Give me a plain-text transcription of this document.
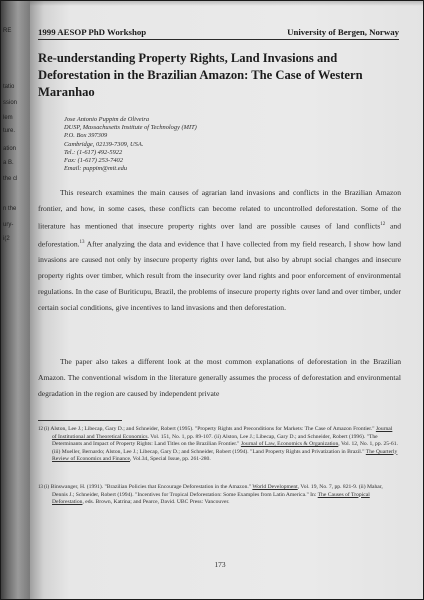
RE
tatio
ssion
lem
ture.
ation
a B.
the cl
n the
ury-
i(2
1999 AESOP PhD Workshop	University of Bergen, Norway
Re-understanding Property Rights, Land Invasions and Deforestation in the Brazilian Amazon: The Case of Western Maranhao
Jose Antonio Puppim de Oliveira
DUSP, Massachusetts Institute of Technology (MIT)
P.O. Box 397309
Cambridge, 02139-7309, USA.
Tel.: (1-617) 492-5922
Fax: (1-617) 253-7402
Email: puppim@mit.edu
This research examines the main causes of agrarian land invasions and conflicts in the Brazilian Amazon frontier, and how, in some cases, these conflicts can become related to uncontrolled deforestation. Some of the literature has mentioned that insecure property rights over land are possible causes of land conflicts$^{12}$ and deforestation.$^{13}$ After analyzing the data and evidence that I have collected from my field research, I show how land invasions are caused not only by insecure property rights over land, but also by abrupt social changes and insecure property rights over timber, which result from the insecurity over land rights and poor enforcement of environmental regulations. In the case of Buriticupu, Brazil, the problems of insecure property rights over land and over timber, under certain social conditions, give incentives to land invasions and then deforestation.
The paper also takes a different look at the most common explanations of deforestation in the Brazilian Amazon. The conventional wisdom in the literature generally assumes the process of deforestation and environmental degradation in the region are caused by independent private
12 (i) Alston, Lee J.; Libecap, Gary D.; and Schneider, Robert (1995). "Property Rights and Preconditions for Markets: The Case of Amazon Frontier." Journal of Institutional and Theoretical Economics. Vol. 151, No. 1, pp. 89-107. (ii) Alston, Lee J.; Libecap, Gary D.; and Schneider, Robert (1996). "The Determinants and Impact of Property Rights: Land Titles on the Brazilian Frontier." Journal of Law, Economics & Organization, Vol. 12, No. 1, pp. 25-61. (iii) Mueller, Bernardo; Alston, Lee J.; Libecap, Gary D.; and Schneider, Robert (1994). "Land Property Rights and Privatization in Brazil." The Quarterly Review of Economics and Finance, Vol.34, Special Issue, pp. 261-280.
13 (i) Binswanger, H. (1991). "Brazilian Policies that Encourage Deforestation in the Amazon." World Development, Vol. 19, No. 7, pp. 821-9. (ii) Mahar, Dennis J.; Schneider, Robert (1994). "Incentives for Tropical Deforestation: Some Examples from Latin America." In: The Causes of Tropical Deforestation, eds. Brown, Katrina; and Pearce, David. UBC Press: Vancouver.
173
